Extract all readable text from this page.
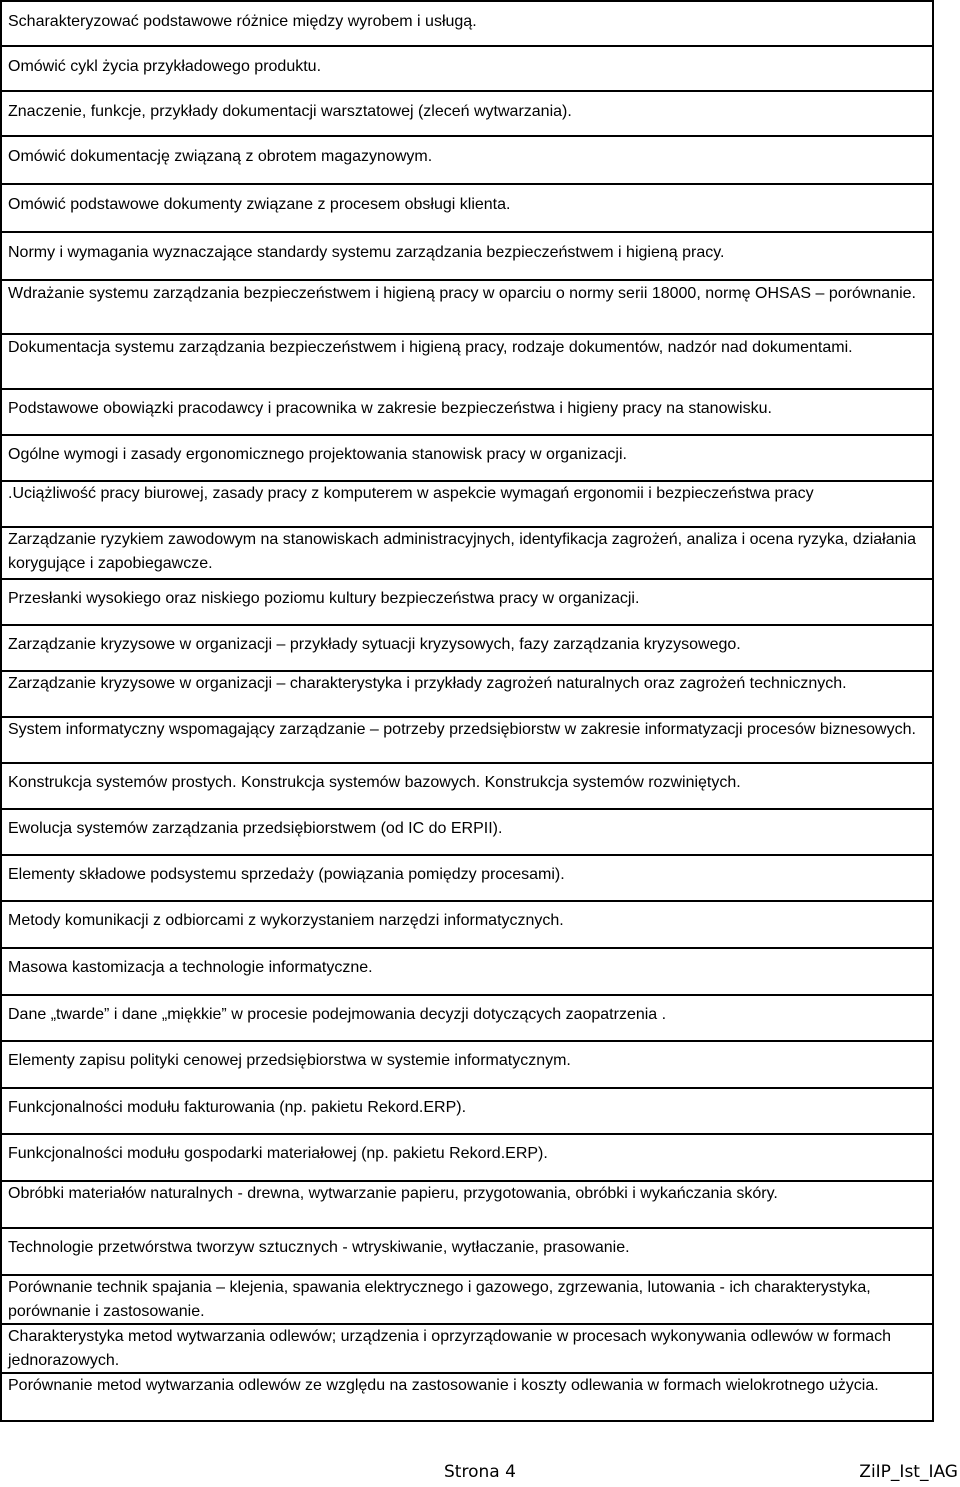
Scharakteryzować podstawowe różnice między wyrobem i usługą.

Omówić cykl życia przykładowego produktu.

Znaczenie, funkcje, przykłady dokumentacji warsztatowej (zleceń wytwarzania).

Omówić dokumentację związaną z obrotem magazynowym.

Omówić podstawowe dokumenty związane z procesem obsługi klienta.

Normy i wymagania wyznaczające standardy systemu zarządzania bezpieczeństwem i higieną pracy.

Wdrażanie systemu zarządzania bezpieczeństwem i higieną pracy w oparciu o normy serii 18000, normę OHSAS – porównanie.

Dokumentacja systemu zarządzania bezpieczeństwem i higieną pracy, rodzaje dokumentów, nadzór nad dokumentami.

Podstawowe obowiązki pracodawcy i pracownika w zakresie bezpieczeństwa i higieny pracy na stanowisku.

Ogólne wymogi i zasady ergonomicznego projektowania stanowisk pracy w organizacji.

.Uciążliwość pracy biurowej, zasady pracy z komputerem w aspekcie wymagań ergonomii i bezpieczeństwa pracy

Zarządzanie ryzykiem zawodowym na stanowiskach administracyjnych, identyfikacja zagrożeń, analiza i ocena ryzyka, działania korygujące i zapobiegawcze.

Przesłanki wysokiego oraz niskiego poziomu kultury bezpieczeństwa pracy w organizacji.

Zarządzanie kryzysowe w organizacji – przykłady sytuacji kryzysowych, fazy zarządzania kryzysowego.

Zarządzanie kryzysowe w organizacji – charakterystyka i przykłady zagrożeń naturalnych oraz zagrożeń technicznych.

System informatyczny wspomagający zarządzanie – potrzeby przedsiębiorstw w zakresie informatyzacji procesów biznesowych.

Konstrukcja systemów prostych. Konstrukcja systemów bazowych. Konstrukcja systemów rozwiniętych.

Ewolucja systemów zarządzania przedsiębiorstwem (od IC do ERPII).

Elementy składowe podsystemu sprzedaży (powiązania pomiędzy procesami).

Metody komunikacji z odbiorcami z wykorzystaniem narzędzi informatycznych.

Masowa kastomizacja a technologie informatyczne.

Dane „twarde” i dane „miękkie” w procesie podejmowania decyzji dotyczących zaopatrzenia .

Elementy zapisu polityki cenowej przedsiębiorstwa w systemie informatycznym.

Funkcjonalności modułu fakturowania (np. pakietu Rekord.ERP).

Funkcjonalności modułu gospodarki materiałowej (np. pakietu Rekord.ERP).

Obróbki materiałów naturalnych - drewna, wytwarzanie papieru, przygotowania, obróbki i wykańczania skóry.

Technologie przetwórstwa tworzyw sztucznych - wtryskiwanie, wytłaczanie, prasowanie.

Porównanie technik spajania – klejenia, spawania elektrycznego i gazowego, zgrzewania, lutowania - ich charakterystyka, porównanie i zastosowanie.

Charakterystyka metod wytwarzania odlewów; urządzenia i oprzyrządowanie w procesach wykonywania odlewów w formach jednorazowych.

Porównanie metod wytwarzania odlewów ze względu na zastosowanie i koszty odlewania w formach wielokrotnego użycia.
Strona 4	ZiIP_Ist_IAG
